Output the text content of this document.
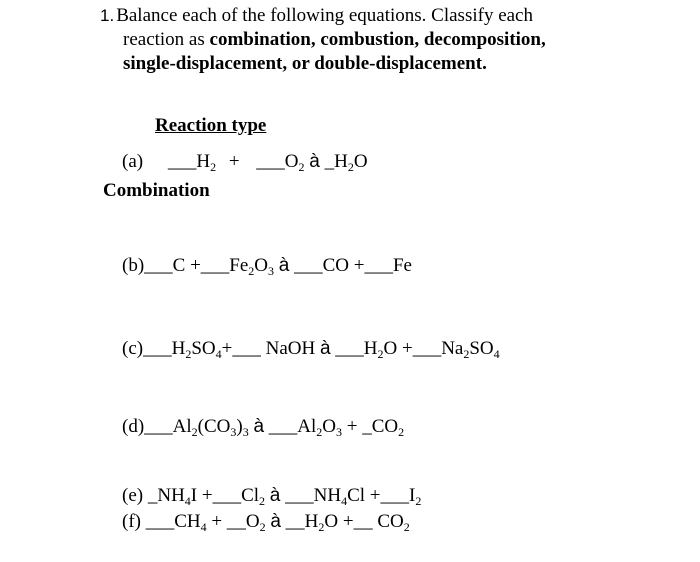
1. Balance each of the following equations. Classify each
reaction as combination, combustion, decomposition,
single-displacement, or double-displacement.
Reaction type
(a) $\_\_\_H_2$ + $\_\_\_O_2$ à $\_H_2O$
Combination
(b)___C $+\_\_\_Fe_2O_3$ à ___CO +___Fe
$(c)\_\_\_H_2SO_4+\_\_\_$ NaOH à $\_\_\_H_2O$ $+\_\_\_Na_2SO_4$
$(d)\_\_\_Al_2(CO_3)_3$ à $\_\_\_Al_2O_3$ + $\_CO_2$
(e) $\_NH_4I$ $+\_\_\_Cl_2$ à $\_\_\_NH_4Cl$ $+\_\_\_I_2$
(f) $\_\_\_CH_4$ + $\_\_O_2$ à $\_\_H_2O$ +__ $CO_2$
